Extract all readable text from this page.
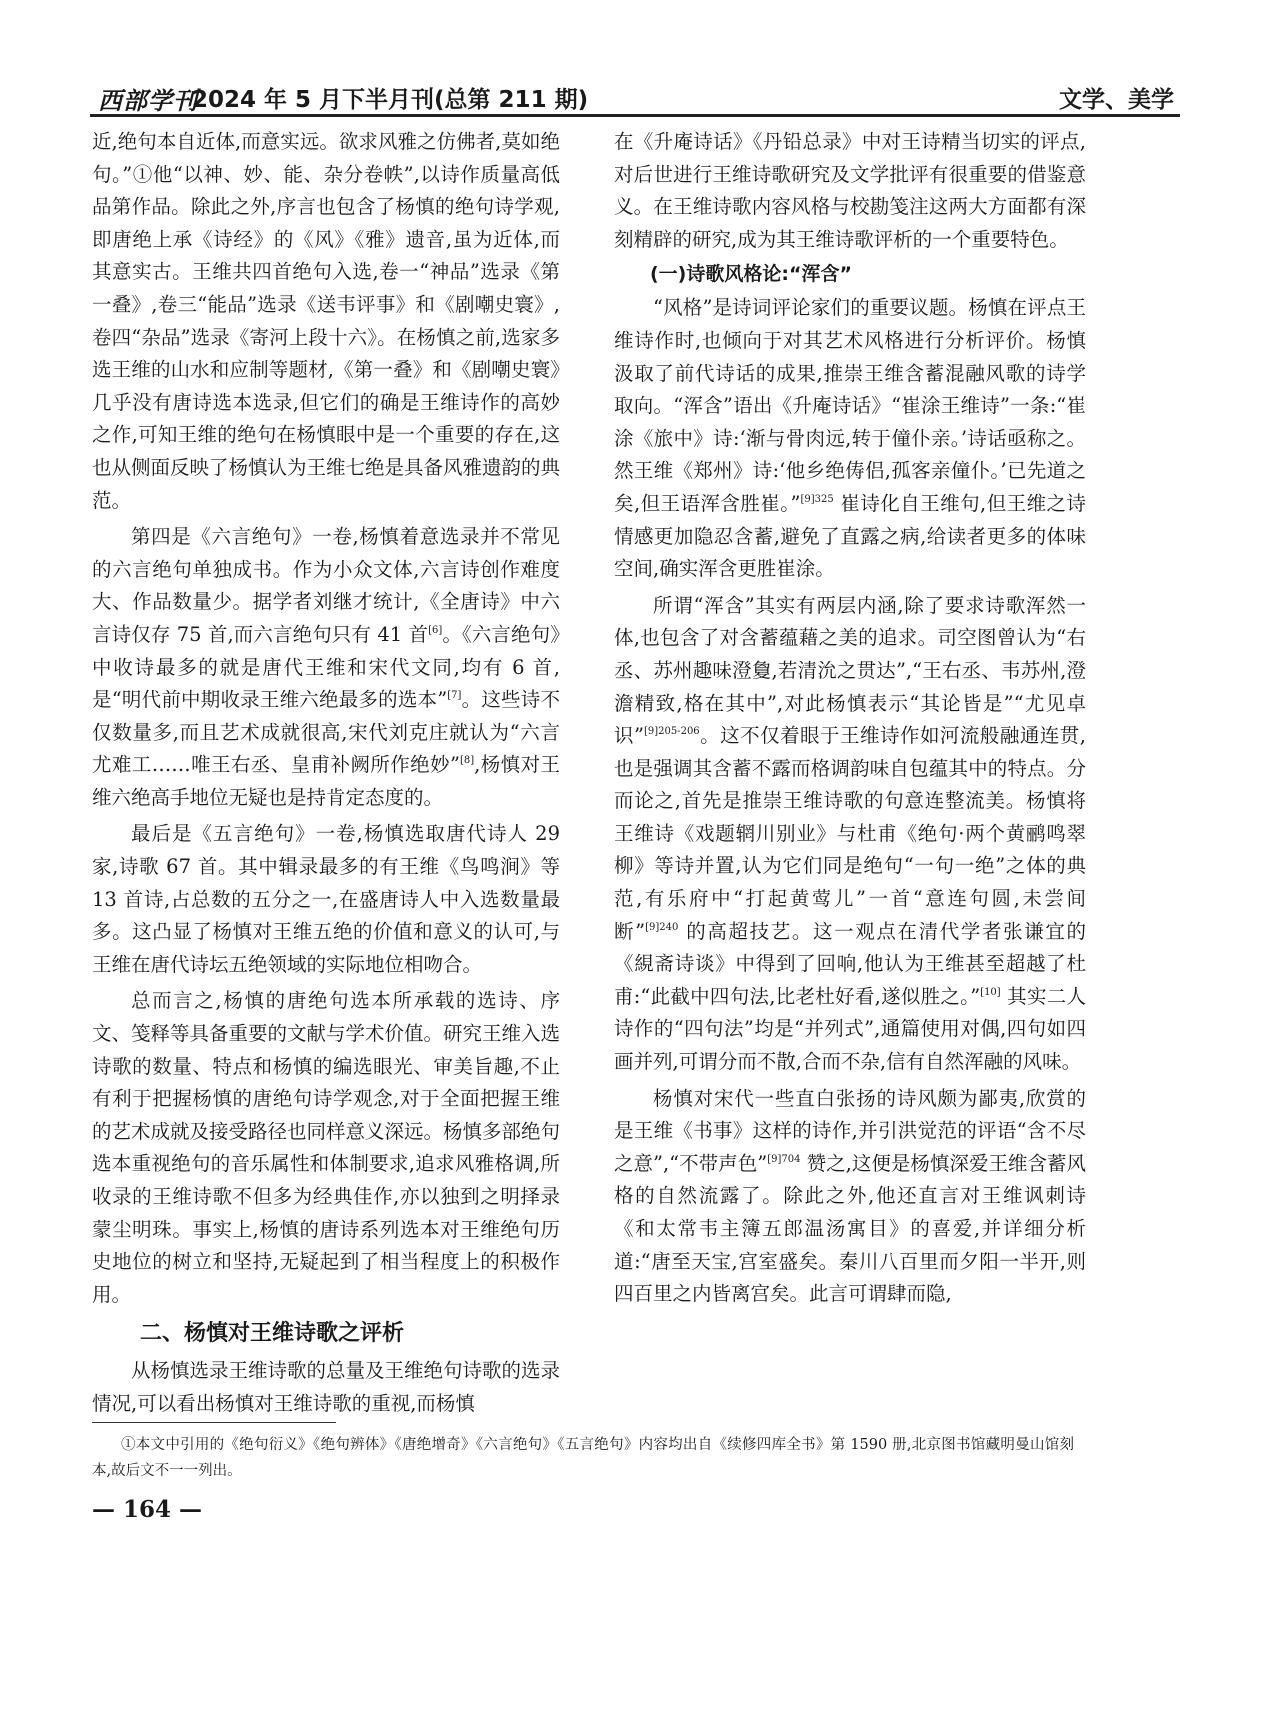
西部学刊
2024 年 5 月下半月刊(总第 211 期)	文学、美学

近,绝句本自近体,而意实远。欲求风雅之仿佛者,莫如绝句。”①他“以神、妙、能、杂分卷帙”,以诗作质量高低品第作品。除此之外,序言也包含了杨慎的绝句诗学观,即唐绝上承《诗经》的《风》《雅》遗音,虽为近体,而其意实古。王维共四首绝句入选,卷一“神品”选录《第一叠》,卷三“能品”选录《送韦评事》和《剧嘲史寰》,卷四“杂品”选录《寄河上段十六》。在杨慎之前,选家多选王维的山水和应制等题材,《第一叠》和《剧嘲史寰》几乎没有唐诗选本选录,但它们的确是王维诗作的高妙之作,可知王维的绝句在杨慎眼中是一个重要的存在,这也从侧面反映了杨慎认为王维七绝是具备风雅遗韵的典范。

第四是《六言绝句》一卷,杨慎着意选录并不常见的六言绝句单独成书。作为小众文体,六言诗创作难度大、作品数量少。据学者刘继才统计,《全唐诗》中六言诗仅存 75 首,而六言绝句只有 41 首[6]。《六言绝句》中收诗最多的就是唐代王维和宋代文同,均有 6 首,是“明代前中期收录王维六绝最多的选本”[7]。这些诗不仅数量多,而且艺术成就很高,宋代刘克庄就认为“六言尤难工……唯王右丞、皇甫补阙所作绝妙”[8],杨慎对王维六绝高手地位无疑也是持肯定态度的。

最后是《五言绝句》一卷,杨慎选取唐代诗人 29 家,诗歌 67 首。其中辑录最多的有王维《鸟鸣涧》等 13 首诗,占总数的五分之一,在盛唐诗人中入选数量最多。这凸显了杨慎对王维五绝的价值和意义的认可,与王维在唐代诗坛五绝领域的实际地位相吻合。

总而言之,杨慎的唐绝句选本所承载的选诗、序文、笺释等具备重要的文献与学术价值。研究王维入选诗歌的数量、特点和杨慎的编选眼光、审美旨趣,不止有利于把握杨慎的唐绝句诗学观念,对于全面把握王维的艺术成就及接受路径也同样意义深远。杨慎多部绝句选本重视绝句的音乐属性和体制要求,追求风雅格调,所收录的王维诗歌不但多为经典佳作,亦以独到之明择录蒙尘明珠。事实上,杨慎的唐诗系列选本对王维绝句历史地位的树立和坚持,无疑起到了相当程度上的积极作用。

二、杨慎对王维诗歌之评析

从杨慎选录王维诗歌的总量及王维绝句诗歌的选录情况,可以看出杨慎对王维诗歌的重视,而杨慎

在《升庵诗话》《丹铅总录》中对王诗精当切实的评点,对后世进行王维诗歌研究及文学批评有很重要的借鉴意义。在王维诗歌内容风格与校勘笺注这两大方面都有深刻精辟的研究,成为其王维诗歌评析的一个重要特色。

(一)诗歌风格论:“浑含”

“风格”是诗词评论家们的重要议题。杨慎在评点王维诗作时,也倾向于对其艺术风格进行分析评价。杨慎汲取了前代诗话的成果,推崇王维含蓄混融风歌的诗学取向。“浑含”语出《升庵诗话》“崔涂王维诗”一条:“崔涂《旅中》诗:‘渐与骨肉远,转于僮仆亲。’诗话亟称之。然王维《郑州》诗:‘他乡绝俦侣,孤客亲僮仆。’已先道之矣,但王语浑含胜崔。”$^{[9]325}$ 崔诗化自王维句,但王维之诗情感更加隐忍含蓄,避免了直露之病,给读者更多的体味空间,确实浑含更胜崔涂。

所谓“浑含”其实有两层内涵,除了要求诗歌浑然一体,也包含了对含蓄蕴藉之美的追求。司空图曾认为“右丞、苏州趣味澄敻,若清沇之贯达”,“王右丞、韦苏州,澄澹精致,格在其中”,对此杨慎表示“其论皆是”“尤见卓识”$^{[9]205-206}$。这不仅着眼于王维诗作如河流般融通连贯,也是强调其含蓄不露而格调韵味自包蕴其中的特点。分而论之,首先是推崇王维诗歌的句意连整流美。杨慎将王维诗《戏题辋川别业》与杜甫《绝句·两个黄鹂鸣翠柳》等诗并置,认为它们同是绝句“一句一绝”之体的典范,有乐府中“打起黄莺儿”一首“意连句圆,未尝间断”$^{[9]240}$ 的高超技艺。这一观点在清代学者张谦宜的《絸斋诗谈》中得到了回响,他认为王维甚至超越了杜甫:“此截中四句法,比老杜好看,遂似胜之。”[10] 其实二人诗作的“四句法”均是“并列式”,通篇使用对偶,四句如四画并列,可谓分而不散,合而不杂,信有自然浑融的风味。

杨慎对宋代一些直白张扬的诗风颇为鄙夷,欣赏的是王维《书事》这样的诗作,并引洪觉范的评语“含不尽之意”,“不带声色”$^{[9]704}$ 赞之,这便是杨慎深爱王维含蓄风格的自然流露了。除此之外,他还直言对王维讽刺诗《和太常韦主簿五郎温汤寓目》的喜爱,并详细分析道:“唐至天宝,宫室盛矣。秦川八百里而夕阳一半开,则四百里之内皆离宫矣。此言可谓肆而隐,

①本文中引用的《绝句衍义》《绝句辨体》《唐绝增奇》《六言绝句》《五言绝句》内容均出自《续修四库全书》第 1590 册,北京图书馆藏明曼山馆刻本,故后文不一一列出。
— 164 —
